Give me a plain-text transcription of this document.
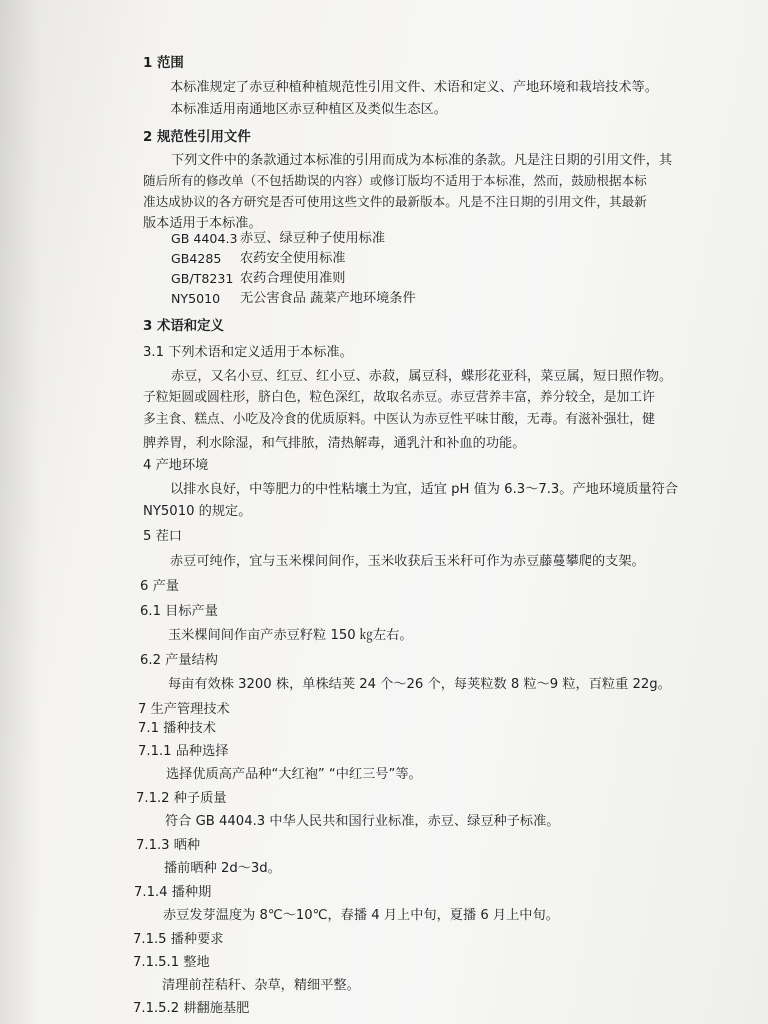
1 范围
本标准规定了赤豆种植种植规范性引用文件、术语和定义、产地环境和栽培技术等。
本标准适用南通地区赤豆种植区及类似生态区。
2 规范性引用文件
下列文件中的条款通过本标准的引用而成为本标准的条款。凡是注日期的引用文件，其
随后所有的修改单（不包括勘误的内容）或修订版均不适用于本标准，然而，鼓励根据本标
准达成协议的各方研究是否可使用这些文件的最新版本。凡是不注日期的引用文件，其最新
版本适用于本标准。
GB 4404.3 赤豆、绿豆种子使用标准
GB4285 农药安全使用标准
GB/T8231 农药合理使用准则
NY5010 无公害食品 蔬菜产地环境条件
3 术语和定义
3.1 下列术语和定义适用于本标准。
赤豆，又名小豆、红豆、红小豆、赤菽，属豆科，蝶形花亚科，菜豆属，短日照作物。
子粒矩圆或圆柱形，脐白色，粒色深红，故取名赤豆。赤豆营养丰富，养分较全，是加工许
多主食、糕点、小吃及冷食的优质原料。中医认为赤豆性平味甘酸，无毒。有滋补强壮，健
脾养胃，利水除湿，和气排脓，清热解毒，通乳汁和补血的功能。
4 产地环境
以排水良好，中等肥力的中性粘壤土为宜，适宜 pH 值为 6.3～7.3。产地环境质量符合
NY5010 的规定。
5 茬口
赤豆可纯作，宜与玉米棵间间作，玉米收获后玉米秆可作为赤豆藤蔓攀爬的支架。
6 产量
6.1 目标产量
玉米棵间间作亩产赤豆籽粒 150 ㎏左右。
6.2 产量结构
每亩有效株 3200 株，单株结荚 24 个～26 个，每荚粒数 8 粒～9 粒，百粒重 22g。
7 生产管理技术
7.1 播种技术
7.1.1 品种选择
选择优质高产品种“大红袍” “中红三号”等。
7.1.2 种子质量
符合 GB 4404.3 中华人民共和国行业标准，赤豆、绿豆种子标准。
7.1.3 晒种
播前晒种 2d～3d。
7.1.4 播种期
赤豆发芽温度为 8℃～10℃，春播 4 月上中旬，夏播 6 月上中旬。
7.1.5 播种要求
7.1.5.1 整地
清理前茬秸秆、杂草，精细平整。
7.1.5.2 耕翻施基肥
